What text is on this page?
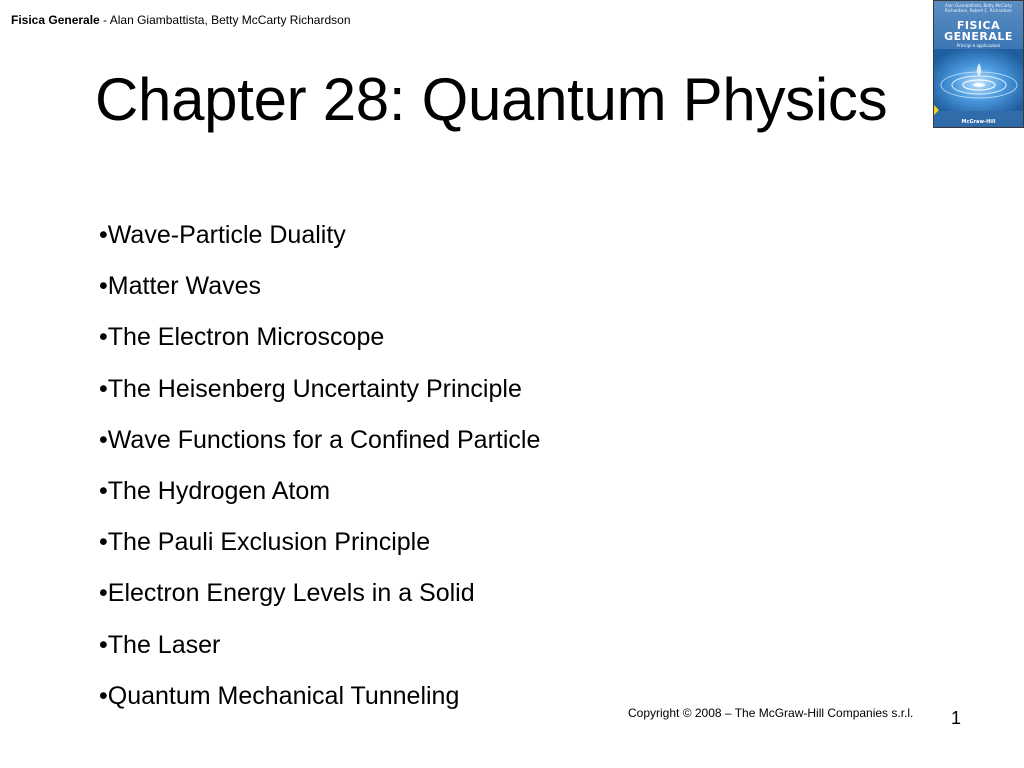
Fisica Generale - Alan Giambattista, Betty McCarty Richardson
Chapter 28: Quantum Physics
Alan Giambattista, Betty McCarty Richardson, Robert C. Richardson
FISICA
GENERALE
Principi e applicazioni
McGraw-Hill
•Wave-Particle Duality
•Matter Waves
•The Electron Microscope
•The Heisenberg Uncertainty Principle
•Wave Functions for a Confined Particle
•The Hydrogen Atom
•The Pauli Exclusion Principle
•Electron Energy Levels in a Solid
•The Laser
•Quantum Mechanical Tunneling
Copyright © 2008 – The McGraw-Hill Companies s.r.l. 1
